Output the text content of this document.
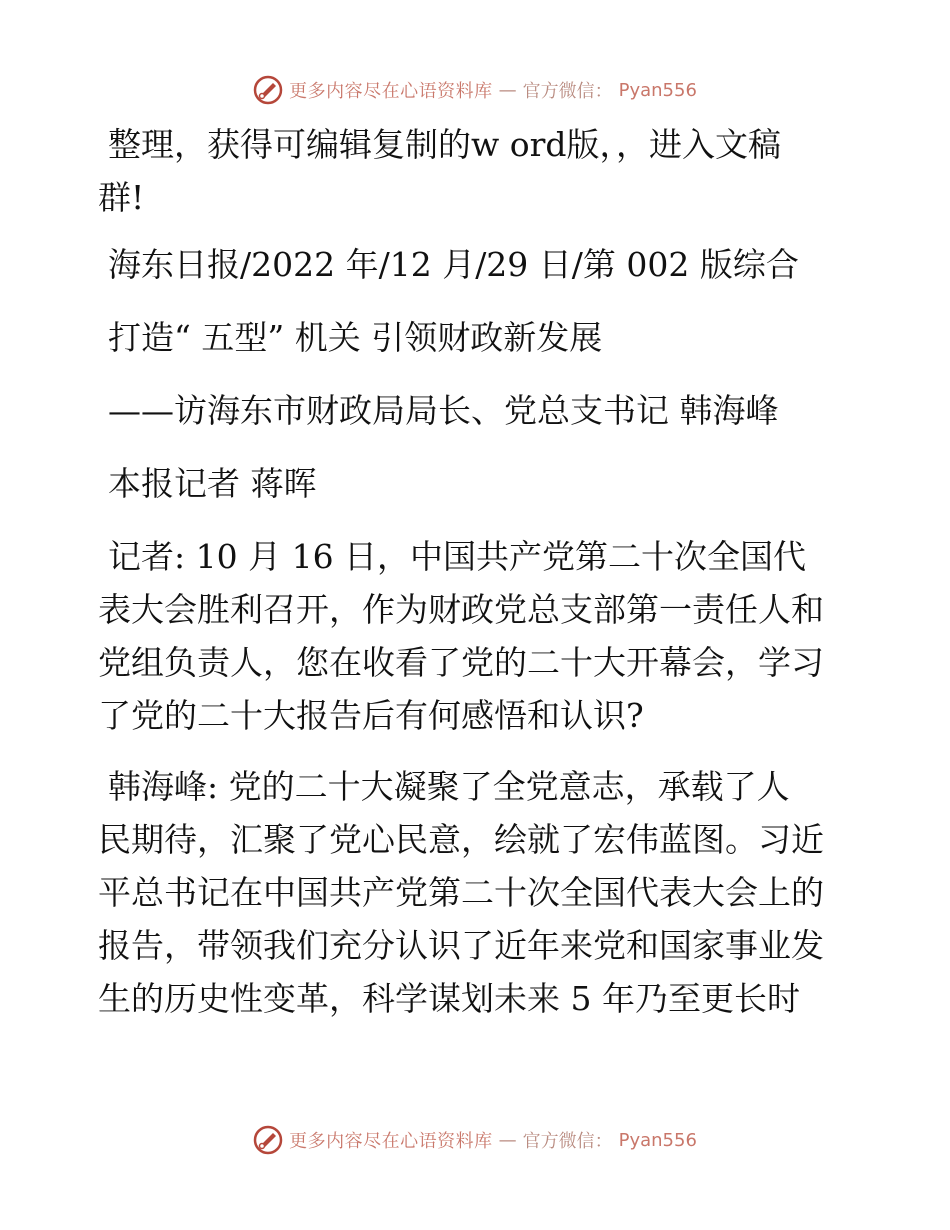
更多内容尽在心语资料库 — 官方微信： Pyan556
整理，获得可编辑复制的w ord版，，进入文稿
群!
海东日报/2022 年/12 月/29 日/第 002 版综合
打造“ 五型” 机关 引领财政新发展
——访海东市财政局局长、党总支书记 韩海峰
本报记者 蒋晖
记者: 10 月 16 日，中国共产党第二十次全国代
表大会胜利召开，作为财政党总支部第一责任人和
党组负责人，您在收看了党的二十大开幕会，学习
了党的二十大报告后有何感悟和认识?
韩海峰: 党的二十大凝聚了全党意志，承载了人
民期待，汇聚了党心民意，绘就了宏伟蓝图。习近
平总书记在中国共产党第二十次全国代表大会上的
报告，带领我们充分认识了近年来党和国家事业发
生的历史性变革，科学谋划未来 5 年乃至更长时
更多内容尽在心语资料库 — 官方微信： Pyan556
